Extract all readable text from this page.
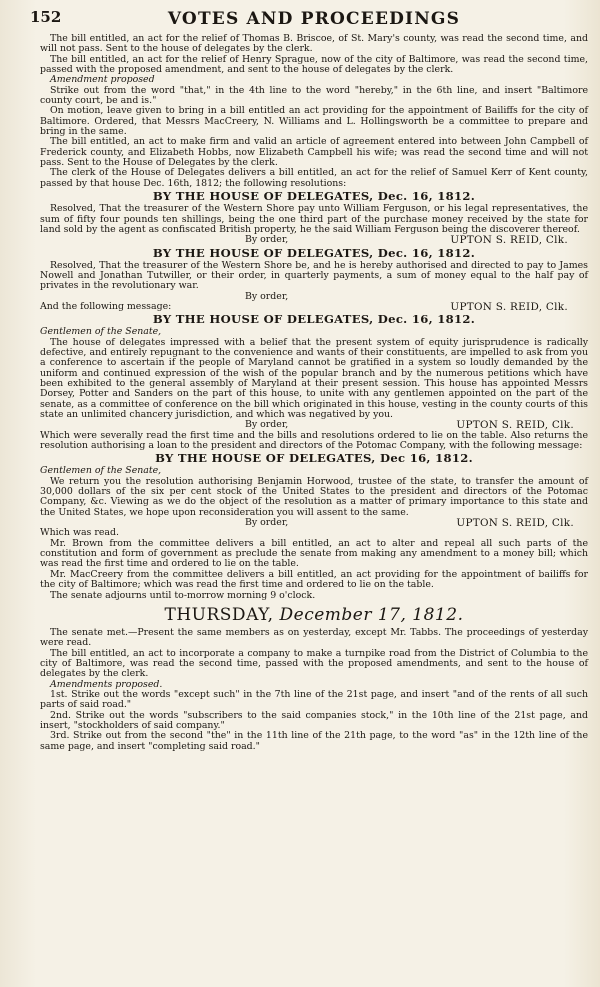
152	VOTES AND PROCEEDINGS

The bill entitled, an act for the relief of Thomas B. Briscoe, of St. Mary's county, was read the second time, and will not pass. Sent to the house of delegates by the clerk.

The bill entitled, an act for the relief of Henry Sprague, now of the city of Baltimore, was read the second time, passed with the proposed amendment, and sent to the house of delegates by the clerk.

Amendment proposed

Strike out from the word "that," in the 4th line to the word "hereby," in the 6th line, and insert "Baltimore county court, be and is."

On motion, leave given to bring in a bill entitled an act providing for the appointment of Bailiffs for the city of Baltimore. Ordered, that Messrs MacCreery, N. Williams and L. Hollingsworth be a committee to prepare and bring in the same.

The bill entitled, an act to make firm and valid an article of agreement entered into between John Campbell of Frederick county, and Elizabeth Hobbs, now Elizabeth Campbell his wife; was read the second time and will not pass. Sent to the House of Delegates by the clerk.

The clerk of the House of Delegates delivers a bill entitled, an act for the relief of Samuel Kerr of Kent county, passed by that house Dec. 16th, 1812; the following resolutions:

BY THE HOUSE OF DELEGATES, Dec. 16, 1812.

Resolved, That the treasurer of the Western Shore pay unto William Ferguson, or his legal representatives, the sum of fifty four pounds ten shillings, being the one third part of the purchase money received by the state for land sold by the agent as confiscated British property, he the said William Ferguson being the discoverer thereof.

By order,	UPTON S. REID, Clk.
BY THE HOUSE OF DELEGATES, Dec. 16, 1812.

Resolved, That the treasurer of the Western Shore be, and he is hereby authorised and directed to pay to James Nowell and Jonathan Tutwiller, or their order, in quarterly payments, a sum of money equal to the half pay of privates in the revolutionary war.

By order,
And the following message:	UPTON S. REID, Clk.
BY THE HOUSE OF DELEGATES, Dec. 16, 1812.

Gentlemen of the Senate,

The house of delegates impressed with a belief that the present system of equity jurisprudence is radically defective, and entirely repugnant to the convenience and wants of their constituents, are impelled to ask from you a conference to ascertain if the people of Maryland cannot be gratified in a system so loudly demanded by the uniform and continued expression of the wish of the popular branch and by the numerous petitions which have been exhibited to the general assembly of Maryland at their present session. This house has appointed Messrs Dorsey, Potter and Sanders on the part of this house, to unite with any gentlemen appointed on the part of the senate, as a committee of conference on the bill which originated in this house, vesting in the county courts of this state an unlimited chancery jurisdiction, and which was negatived by you.

By order,	UPTON S. REID, Clk.

Which were severally read the first time and the bills and resolutions ordered to lie on the table. Also returns the resolution authorising a loan to the president and directors of the Potomac Company, with the following message:

BY THE HOUSE OF DELEGATES, Dec 16, 1812.

Gentlemen of the Senate,

We return you the resolution authorising Benjamin Horwood, trustee of the state, to transfer the amount of 30,000 dollars of the six per cent stock of the United States to the president and directors of the Potomac Company, &c. Viewing as we do the object of the resolution as a matter of primary importance to this state and the United States, we hope upon reconsideration you will assent to the same.

By order,	UPTON S. REID, Clk.

Which was read.

Mr. Brown from the committee delivers a bill entitled, an act to alter and repeal all such parts of the constitution and form of government as preclude the senate from making any amendment to a money bill; which was read the first time and ordered to lie on the table.

Mr. MacCreery from the committee delivers a bill entitled, an act providing for the appointment of bailiffs for the city of Baltimore; which was read the first time and ordered to lie on the table.

The senate adjourns until to-morrow morning 9 o'clock.

THURSDAY, December 17, 1812.

The senate met.—Present the same members as on yesterday, except Mr. Tabbs. The proceedings of yesterday were read.

The bill entitled, an act to incorporate a company to make a turnpike road from the District of Columbia to the city of Baltimore, was read the second time, passed with the proposed amendments, and sent to the house of delegates by the clerk.

Amendments proposed.

1st. Strike out the words "except such" in the 7th line of the 21st page, and insert "and of the rents of all such parts of said road."

2nd. Strike out the words "subscribers to the said companies stock," in the 10th line of the 21st page, and insert, "stockholders of said company."

3rd. Strike out from the second "the" in the 11th line of the 21th page, to the word "as" in the 12th line of the same page, and insert "completing said road."
